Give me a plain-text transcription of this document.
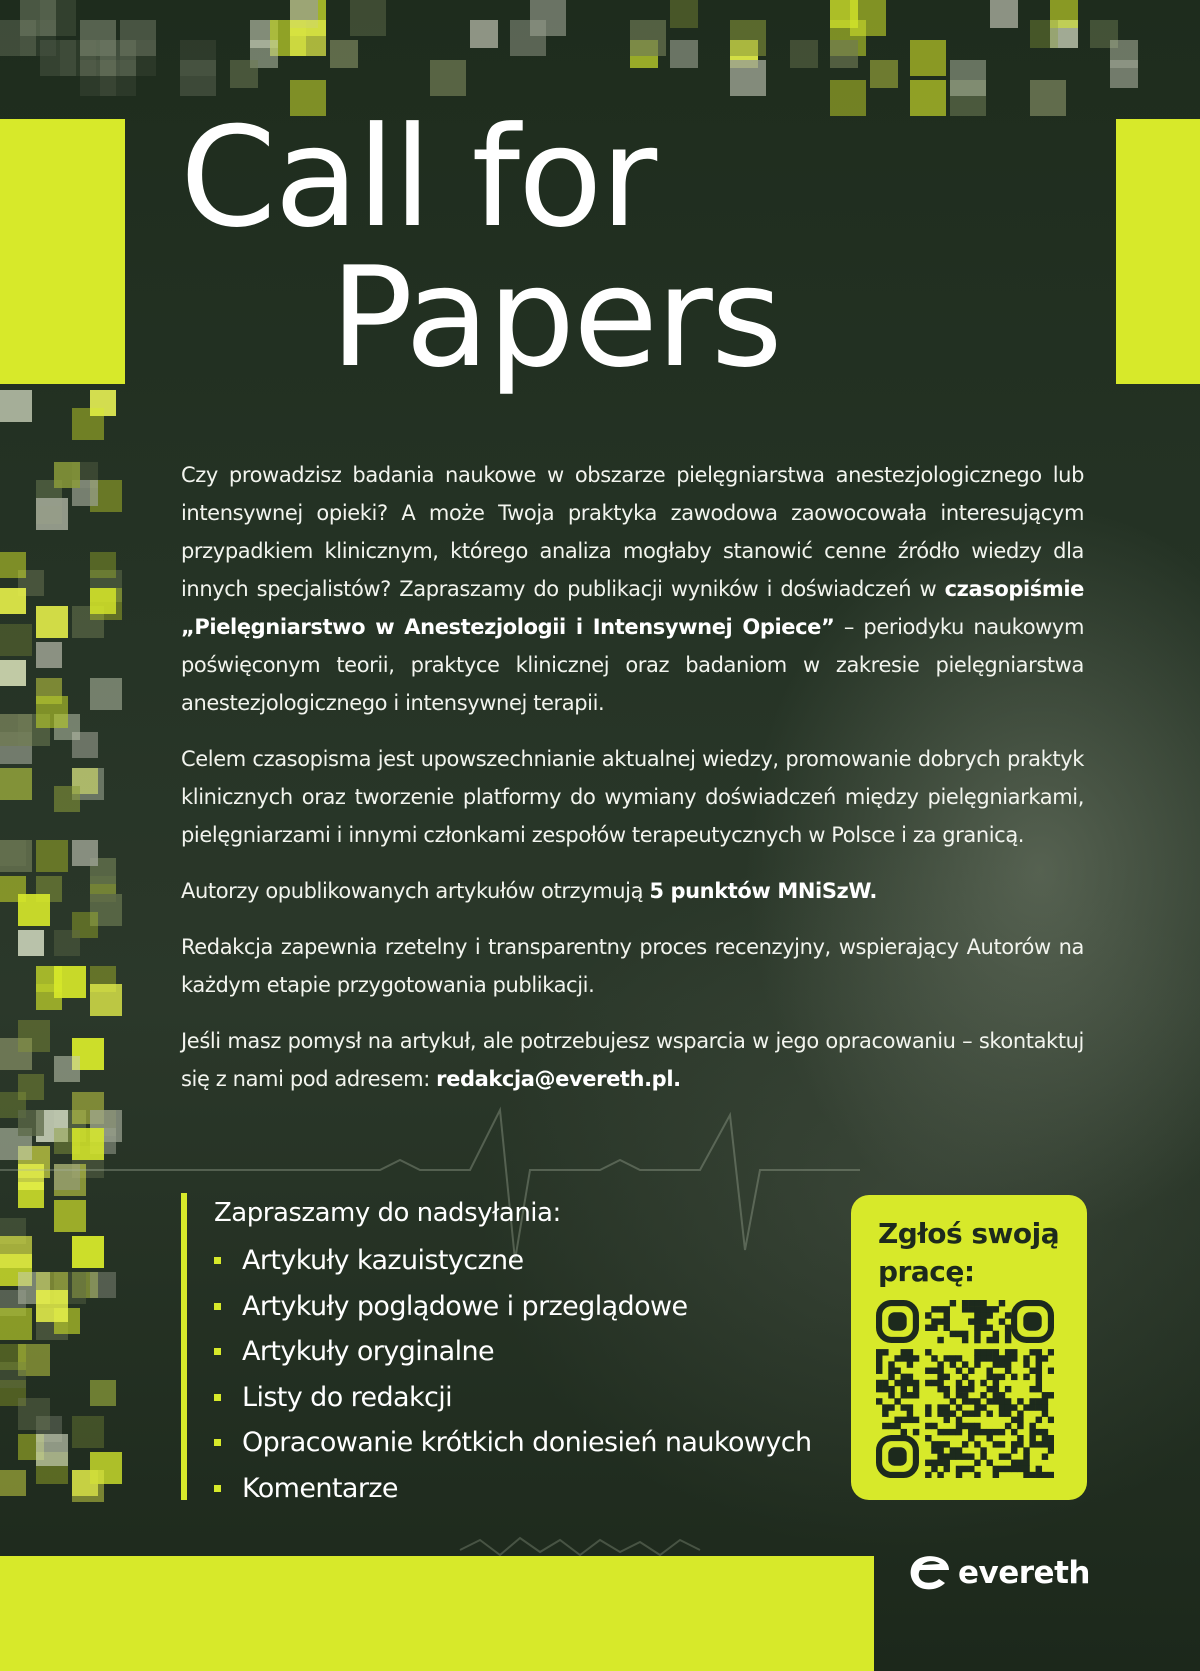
Call for
Papers

Czy prowadzisz badania naukowe w obszarze pielęgniarstwa anestezjologicznego lub intensywnej opieki? A może Twoja praktyka zawodowa zaowocowała interesującym przypadkiem klinicznym, którego analiza mogłaby stanowić cenne źródło wiedzy dla innych specjalistów? Zapraszamy do publikacji wyników i doświadczeń w czasopiśmie „Pielęgniarstwo w Anestezjologii i Intensywnej Opiece” – periodyku naukowym poświęconym teorii, praktyce klinicznej oraz badaniom w zakresie pielęgniarstwa anestezjologicznego i intensywnej terapii.

Celem czasopisma jest upowszechnianie aktualnej wiedzy, promowanie dobrych praktyk klinicznych oraz tworzenie platformy do wymiany doświadczeń między pielęgniarkami, pielęgniarzami i innymi członkami zespołów terapeutycznych w Polsce i za granicą.

Autorzy opublikowanych artykułów otrzymują 5 punktów MNiSzW.

Redakcja zapewnia rzetelny i transparentny proces recenzyjny, wspierający Autorów na każdym etapie przygotowania publikacji.

Jeśli masz pomysł na artykuł, ale potrzebujesz wsparcia w jego opracowaniu – skontaktuj się z nami pod adresem: redakcja@evereth.pl.

Zapraszamy do nadsyłania:
Artykuły kazuistyczne
Artykuły poglądowe i przeglądowe
Artykuły oryginalne
Listy do redakcji
Opracowanie krótkich doniesień naukowych
Komentarze

Zgłoś swoją pracę:

evereth
